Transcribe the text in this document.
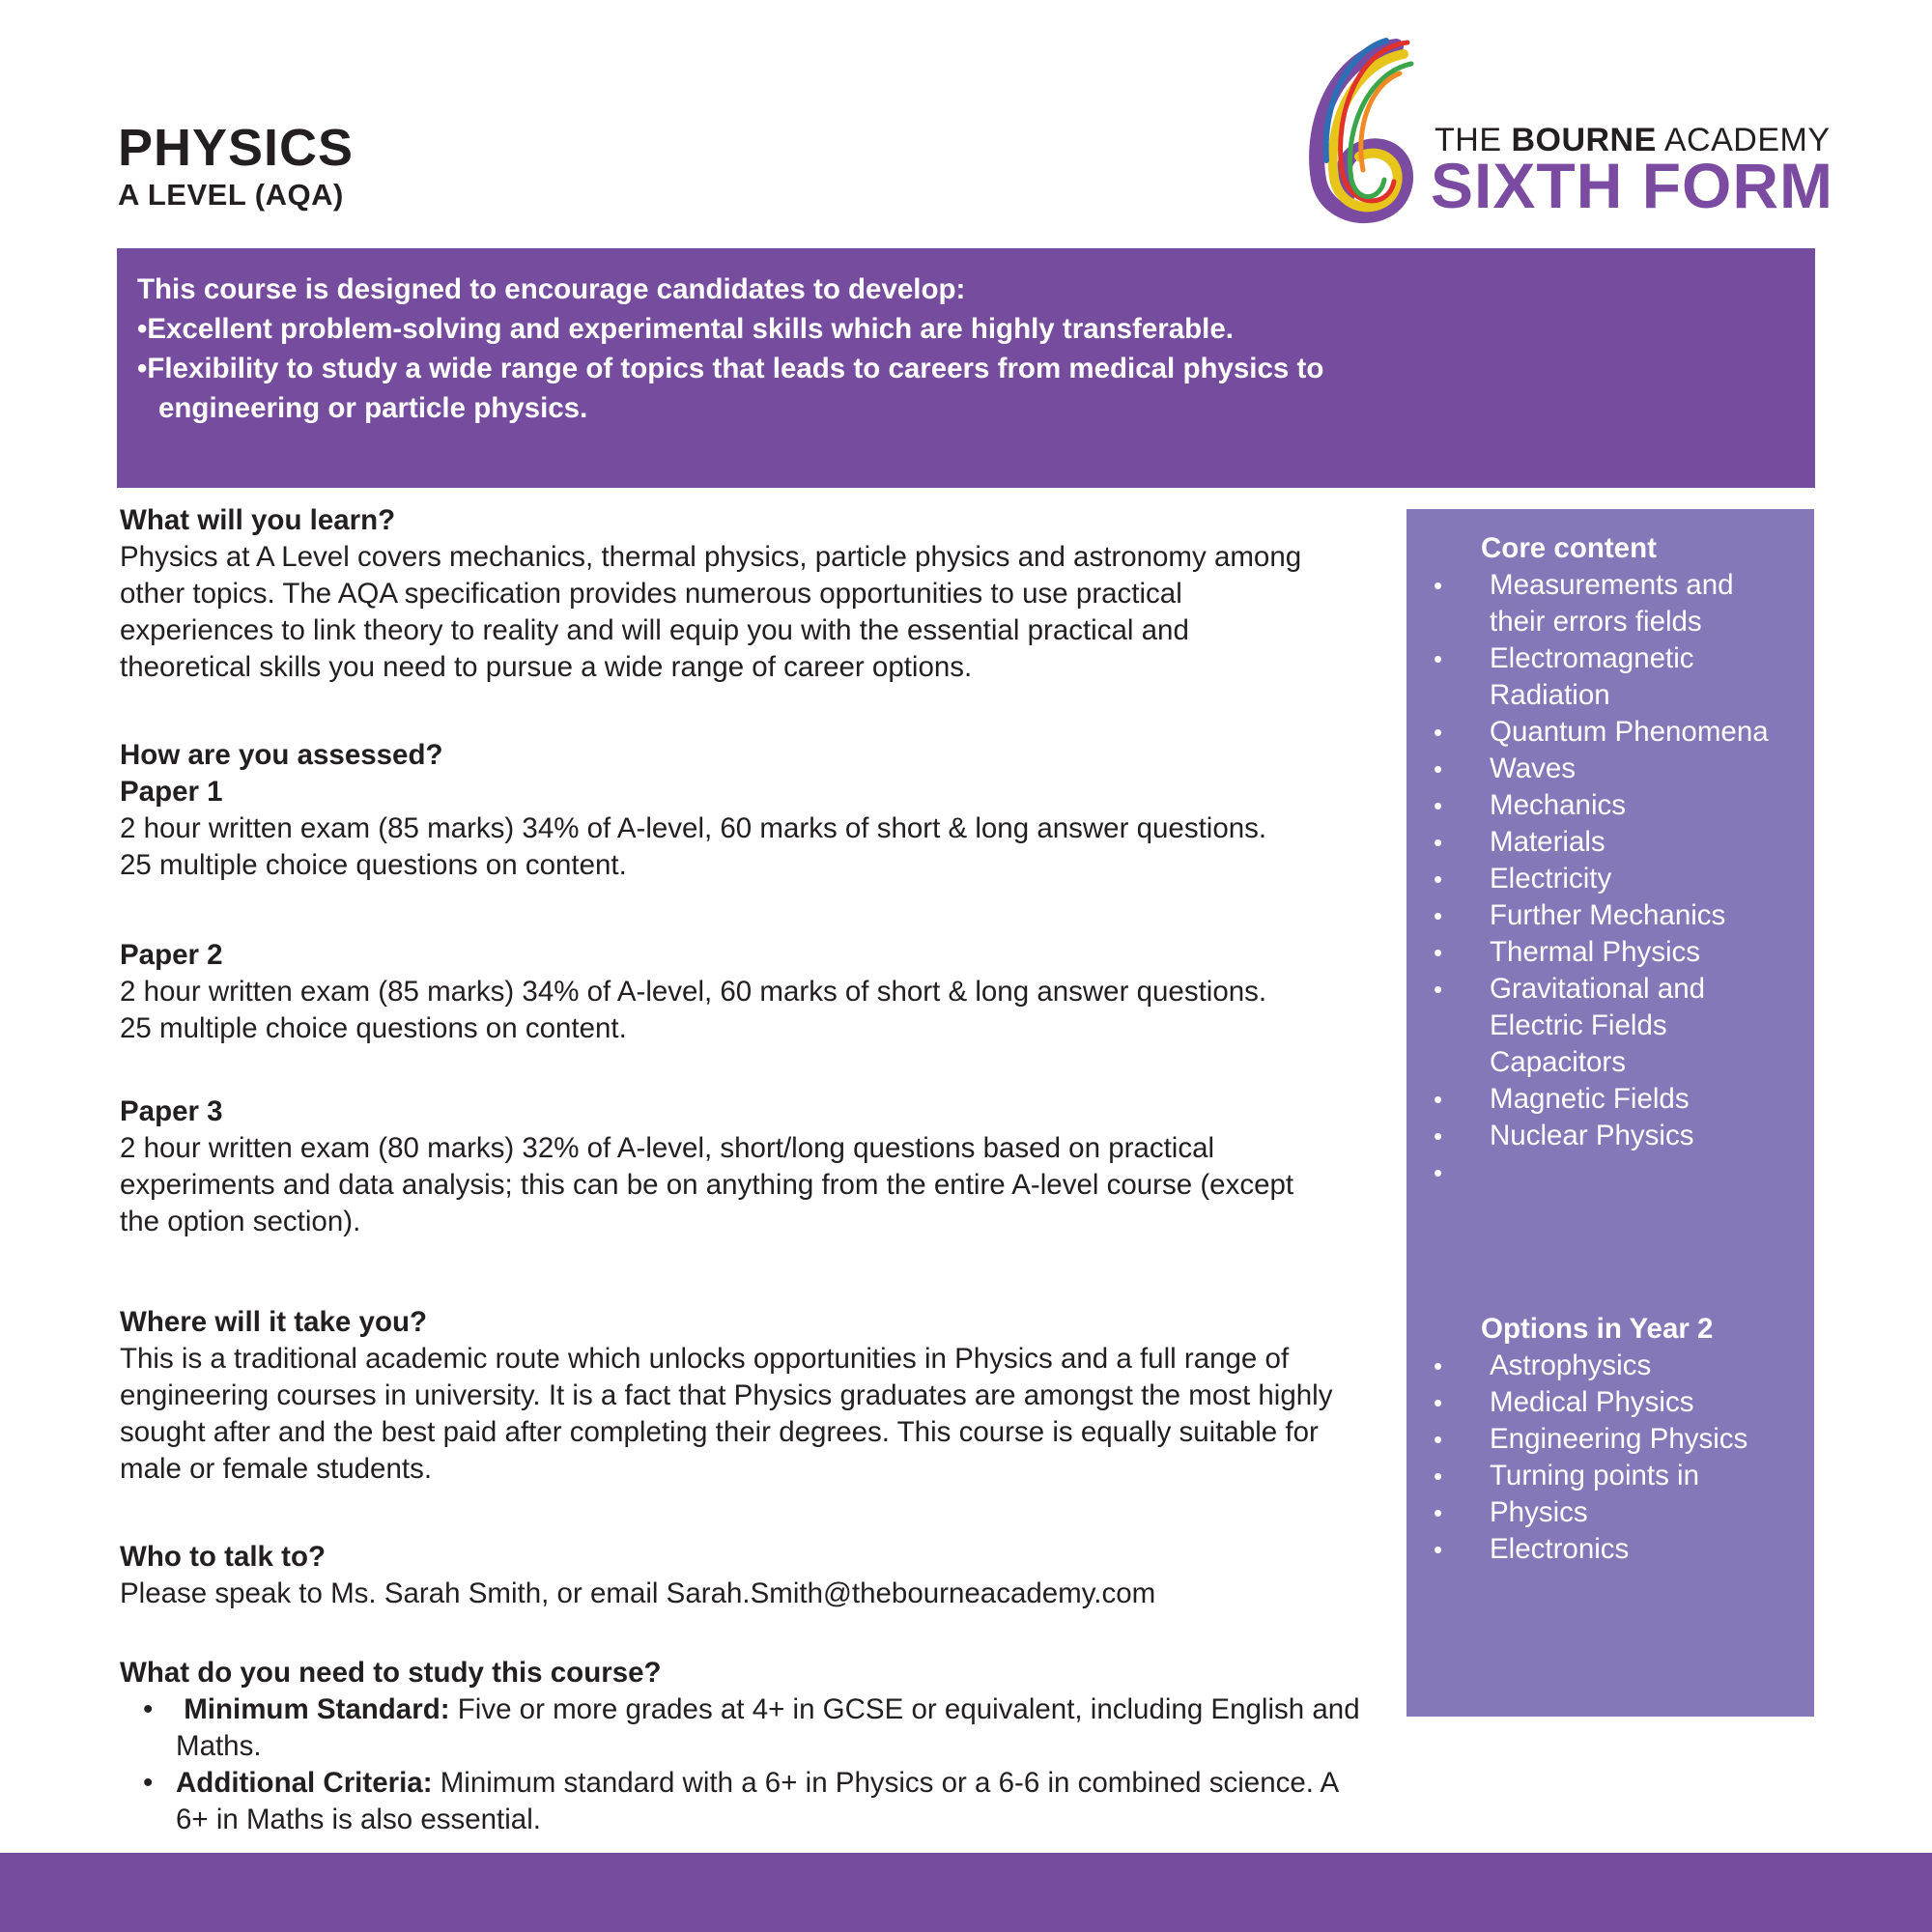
PHYSICS
A LEVEL (AQA)
THE BOURNE ACADEMY
SIXTH FORM
This course is designed to encourage candidates to develop:
•Excellent problem-solving and experimental skills which are highly transferable.
•Flexibility to study a wide range of topics that leads to careers from medical physics to
engineering or particle physics.
What will you learn?

Physics at A Level covers mechanics, thermal physics, particle physics and astronomy among

other topics. The AQA specification provides numerous opportunities to use practical

experiences to link theory to reality and will equip you with the essential practical and

theoretical skills you need to pursue a wide range of career options.

How are you assessed?
Paper 1

2 hour written exam (85 marks) 34% of A-level, 60 marks of short & long answer questions.

25 multiple choice questions on content.

Paper 2

2 hour written exam (85 marks) 34% of A-level, 60 marks of short & long answer questions.

25 multiple choice questions on content.

Paper 3

2 hour written exam (80 marks) 32% of A-level, short/long questions based on practical

experiments and data analysis; this can be on anything from the entire A-level course (except

the option section).

Where will it take you?

This is a traditional academic route which unlocks opportunities in Physics and a full range of

engineering courses in university. It is a fact that Physics graduates are amongst the most highly

sought after and the best paid after completing their degrees. This course is equally suitable for

male or female students.

Who to talk to?

Please speak to Ms. Sarah Smith, or email Sarah.Smith@thebourneacademy.com

What do you need to study this course?
• Minimum Standard: Five or more grades at 4+ in GCSE or equivalent, including English and
Maths.
• Additional Criteria: Minimum standard with a 6+ in Physics or a 6-6 in combined science. A
6+ in Maths is also essential.
Core content
• Measurements and
their errors fields
• Electromagnetic
Radiation
• Quantum Phenomena
• Waves
• Mechanics
• Materials
• Electricity
• Further Mechanics
• Thermal Physics
• Gravitational and
Electric Fields
Capacitors
• Magnetic Fields
• Nuclear Physics
•
Options in Year 2
• Astrophysics
• Medical Physics
• Engineering Physics
• Turning points in
• Physics
• Electronics
